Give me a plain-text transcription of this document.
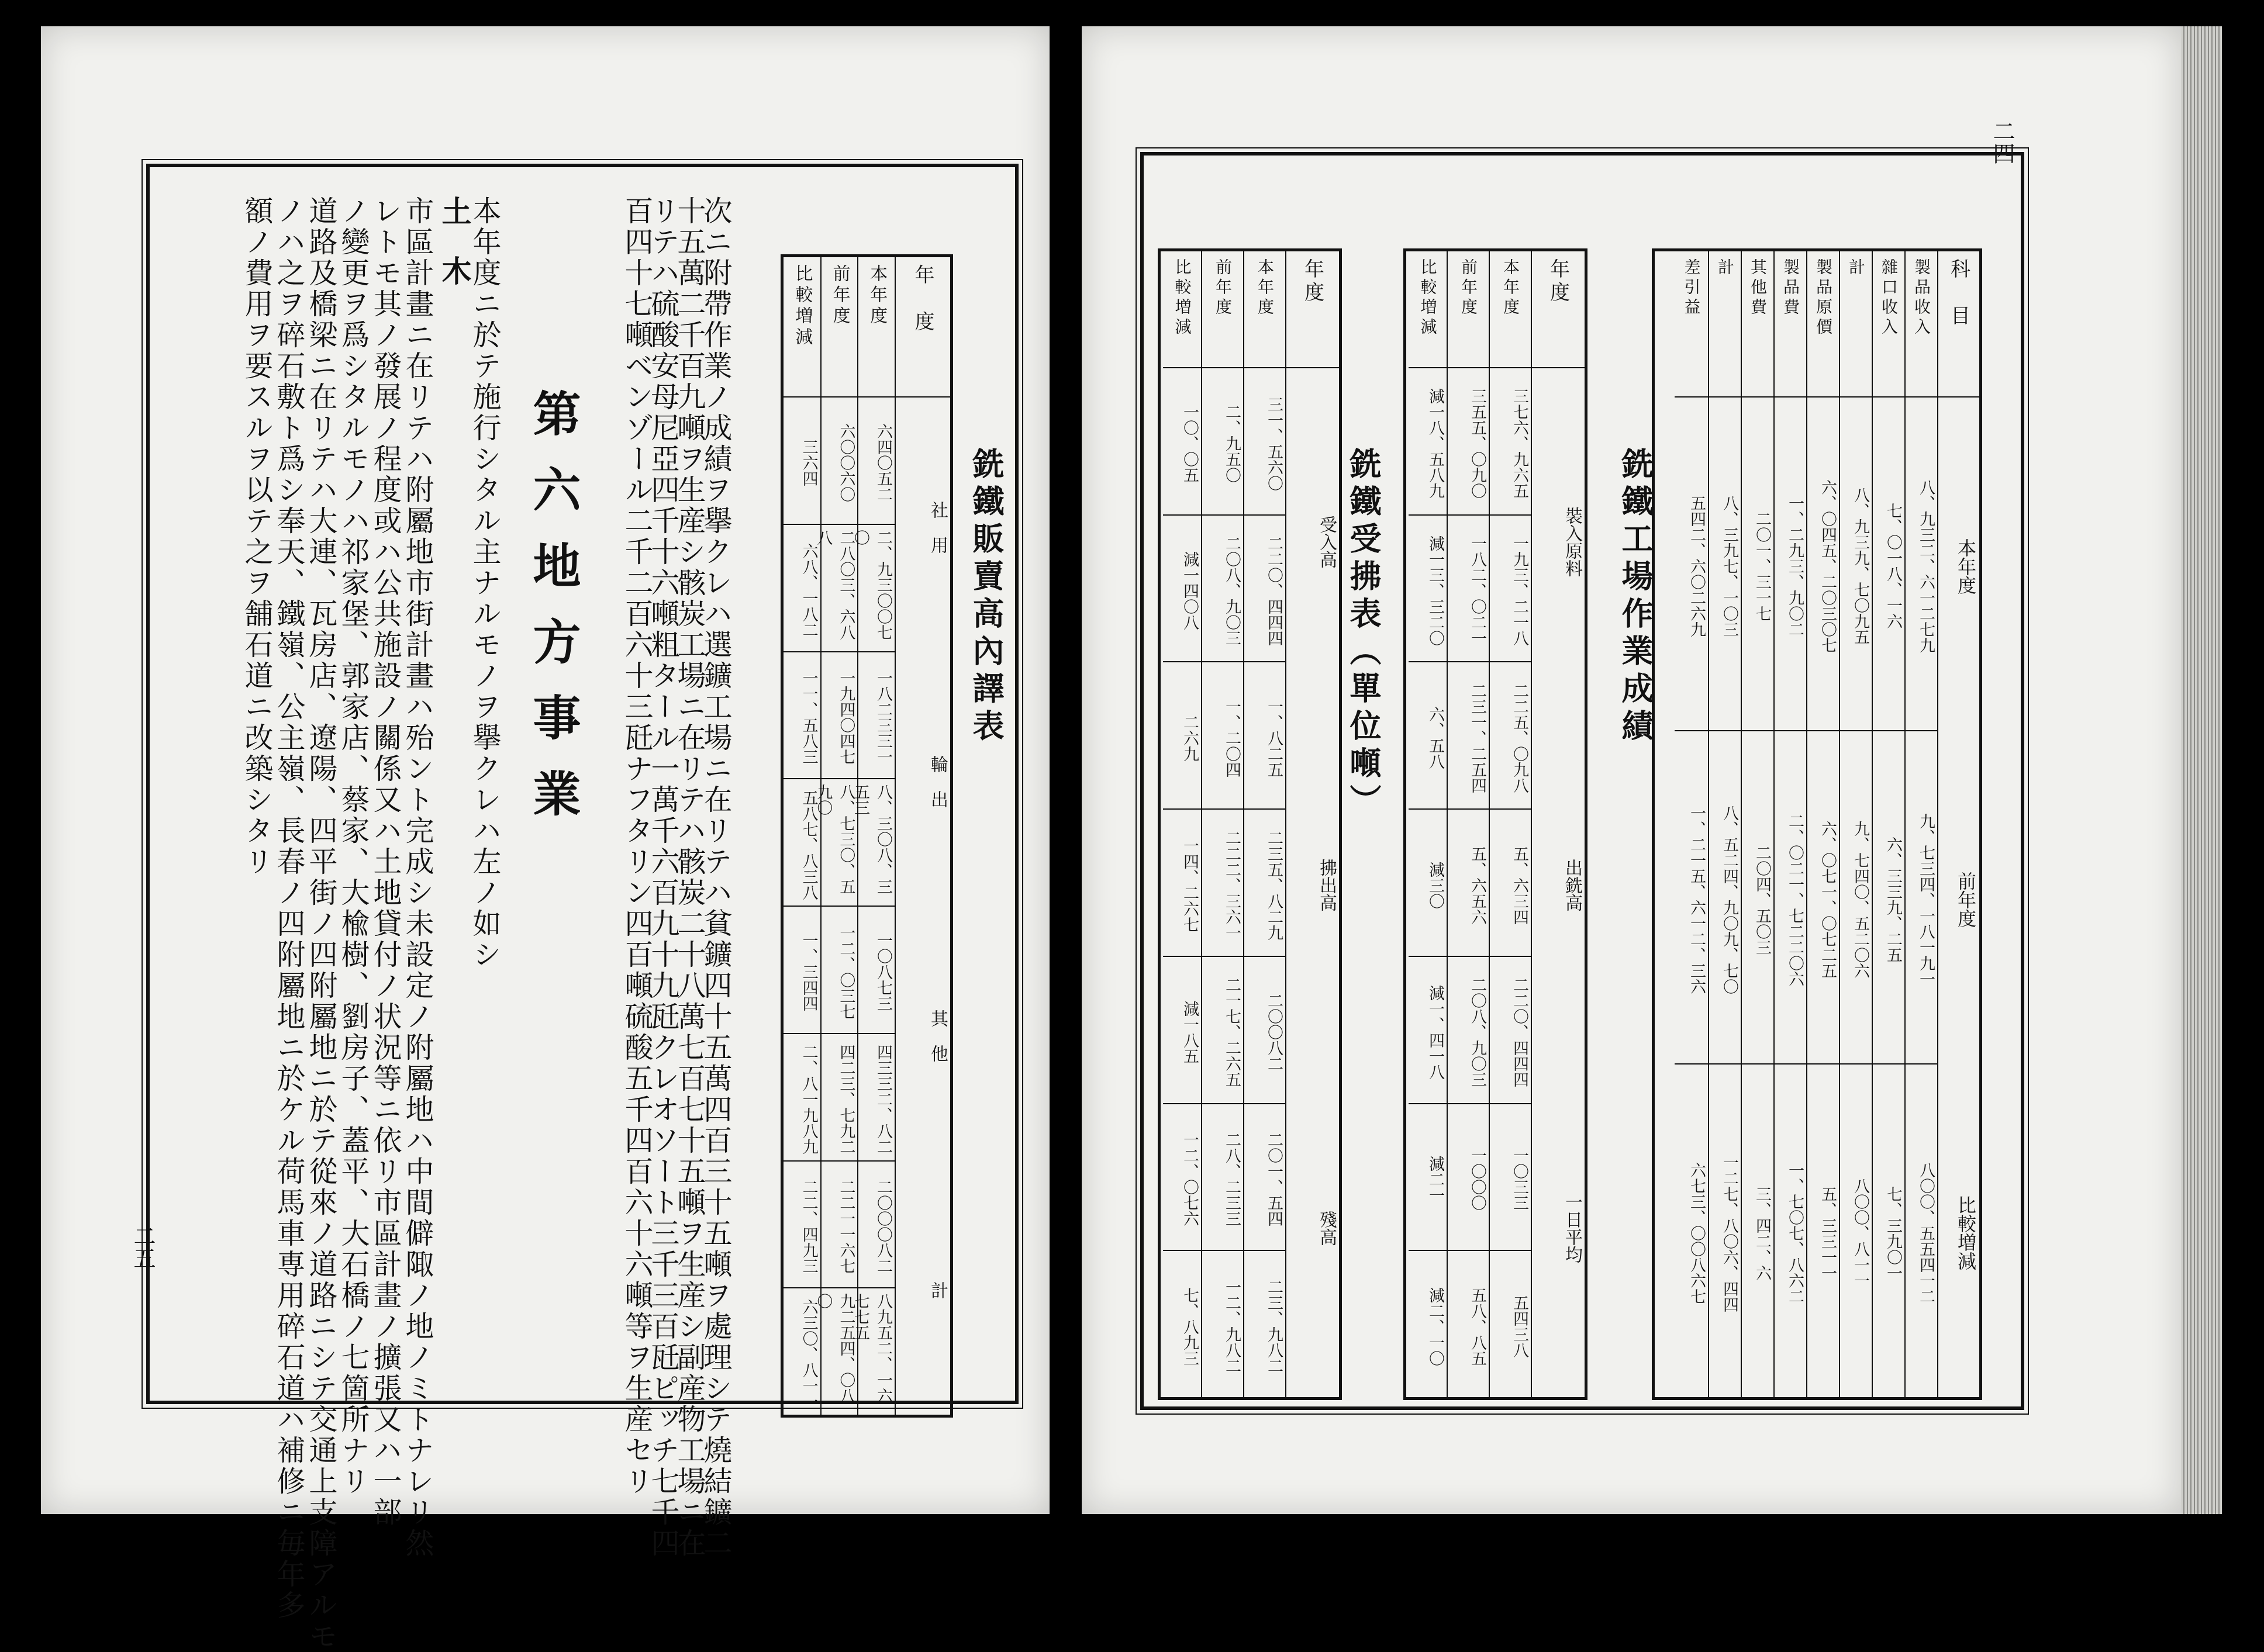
二五	次ニ附帶作業ノ成績ヲ擧クレハ選鑛工場ニ在リテハ貧鑛四十五萬四百三十五噸ヲ處理シテ燒結鑛二
十五萬二千百九噸ヲ生産シ骸炭工場ニ在リテハ骸炭二十八萬七百七十五噸ヲ生産シ副産物工場ニ在
リテハ硫酸安母尼亞四千十六噸粗タール一萬千六百九十九瓩クレオソート三千三百瓩ピッチ七千四
百四十七噸ベンゾール二千二百六十三瓩ナフタリン四百噸硫酸五千四百六十六噸等ヲ生産セリ
第六地方事業
本年度ニ於テ施行シタル主ナルモノヲ擧クレハ左ノ如シ
土　木
市區計畫ニ在リテハ附屬地市街計畫ハ殆ント完成シ未設定ノ附屬地ハ中間僻陬ノ地ノミトナレリ然
レトモ其ノ發展ノ程度或ハ公共施設ノ關係又ハ土地貸付ノ状況等ニ依リ市區計畫ノ擴張又ハ一部
ノ變更ヲ爲シタルモノハ祁家堡、郭家店、蔡家、大楡樹、劉房子、蓋平、大石橋ノ七箇所ナリ
道路及橋梁ニ在リテハ大連、瓦房店、遼陽、四平街ノ四附屬地ニ於テ從來ノ道路ニシテ交通上支障アルモ
ノハ之ヲ碎石敷ト爲シ奉天、鐵嶺、公主嶺、長春ノ四附屬地ニ於ケル荷馬車専用碎石道ハ補修ニ毎年多
額ノ費用ヲ要スルヲ以テ之ヲ舗石道ニ改築シタリ	銑鐵販賣高內譯表
年　度
社　用
輪　出
其　他
計
本年度
六四〇五二
二、九三〇〇七〇
一八二三三一
八、三〇八、三五三
一〇八七三
四三三二、八二
二〇〇〇八二
八九五二、一六七七五
前年度
六〇〇六〇
二八〇三、六八八
一九四〇四七
八、七三〇、五九〇
一二、〇三七
四二三、七九二
二二一一六七
九二五四、〇八〇
比較増減
三六四
六八、一八二
一一、五八三
五八七、八三八
一、三四四
二、八一九八九
二二、四九三
六三〇、八一一
二四
銑鐵工場作業成績
科　目
本年度
前年度
比較増減
製品收入
八、九三二、六一二七九
九、七三四、一八一九一
八〇〇、五五四一二
雜口收入
七、〇一八、一六
六、三三九、二五
七、三九〇一
計
八、九三九、七〇九五
九、七四〇、五二〇六
八〇〇、八一一
製品原價
六、〇四五、二〇三〇七
六、〇七一、〇七二五
五、三三一一
製品費
一、二九三、九〇二
二、〇二一、七二二〇六
一、七〇七、八六二
其他費
二〇一、三一七
二〇四、五〇三
三、四二、六
計
八、三九七、一〇三
八、五二四、九〇九、七〇
一二七、八〇六、四四
差引益
五四二、六〇二六九
一、二一五、六一二、三六
六七三、〇〇八六七
銑鐵受拂表（單位噸）
年度
裝入原料
出銑高
一日平均
本年度
三七六、九六五
一九三、二一八
二二五、〇九八
五、六三四
二二〇、四四四
一〇三三
五四三八
前年度
三五五、〇九〇
一八二、〇二一
二三一、二五四
五、六五六
二〇八、九〇三
一〇〇〇
五八、八五
比較増減
減一八、五八九
減一三、三二〇
六、五八
減三〇
減一、四一八
減二一
減二、一〇
年度
受入高
拂出高
殘高
本年度
三一、五六〇
二二〇、四四四
一、八二五
二三五、八二九
二〇〇八二
二〇一、五四
二三、九八二
前年度
二、九五〇
二〇八、九〇三
一、二〇四
二二二、三六一
二一七、二六五
二八、二三三
一二、九八二
比較増減
一〇、〇五
減一四〇八
二六九
一四、二六七
減一八五
一二、〇七六
七、八九三
